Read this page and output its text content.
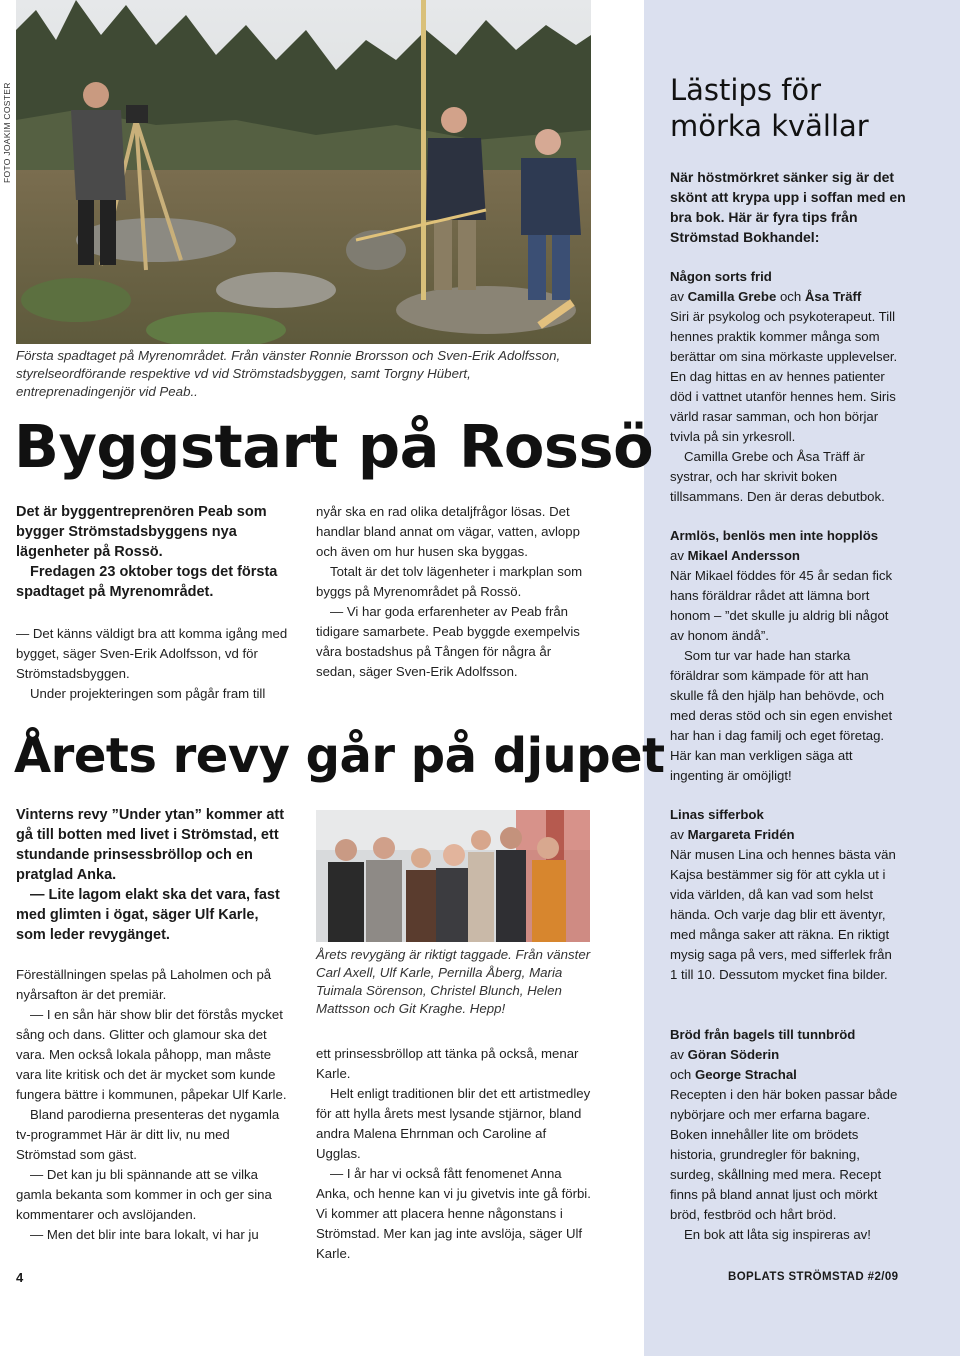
FOTO JOAKIM COSTER
Första spadtaget på Myrenområdet. Från vänster Ronnie Brorsson och Sven-Erik Adolfsson, styrelseordförande respektive vd vid Strömstadsbyggen, samt Torgny Hübert, entreprenadingenjör vid Peab..
Byggstart på Rossö

Det är byggentreprenören Peab som bygger Strömstadsbyggens nya lägenheter på Rossö.

Fredagen 23 oktober togs det första spadtaget på Myrenområdet.

— Det känns väldigt bra att komma igång med bygget, säger Sven-Erik Adolfsson, vd för Strömstadsbyggen.

Under projekteringen som pågår fram till

nyår ska en rad olika detaljfrågor lösas. Det handlar bland annat om vägar, vatten, avlopp och även om hur husen ska byggas.

Totalt är det tolv lägenheter i markplan som byggs på Myrenområdet på Rossö.

— Vi har goda erfarenheter av Peab från tidigare samarbete. Peab byggde exempelvis våra bostadshus på Tången för några år sedan, säger Sven-Erik Adolfsson.

Årets revy går på djupet

Vinterns revy ”Under ytan” kommer att gå till botten med livet i Strömstad, ett stundande prinsessbröllop och en pratglad Anka.

— Lite lagom elakt ska det vara, fast med glimten i ögat, säger Ulf Karle, som leder revygänget.

Föreställningen spelas på Laholmen och på nyårsafton är det premiär.

— I en sån här show blir det förstås mycket sång och dans. Glitter och glamour ska det vara. Men också lokala påhopp, man måste vara lite kritisk och det är mycket som kunde fungera bättre i kommunen, påpekar Ulf Karle.

Bland parodierna presenteras det nygamla tv-programmet Här är ditt liv, nu med Strömstad som gäst.

— Det kan ju bli spännande att se vilka gamla bekanta som kommer in och ger sina kommentarer och avslöjanden.

— Men det blir inte bara lokalt, vi har ju

Årets revygäng är riktigt taggade. Från vänster Carl Axell, Ulf Karle, Pernilla Åberg, Maria Tuimala Sörenson, Christel Blunch, Helen Mattsson och Git Kraghe. Hepp!

ett prinsessbröllop att tänka på också, menar Karle.

Helt enligt traditionen blir det ett artistmedley för att hylla årets mest lysande stjärnor, bland andra Malena Ehrnman och Caroline af Ugglas.

— I år har vi också fått fenomenet Anna Anka, och henne kan vi ju givetvis inte gå förbi. Vi kommer att placera henne någonstans i Strömstad. Mer kan jag inte avslöja, säger Ulf Karle.

Lästips för
mörka kvällar
När höstmörkret sänker sig är det skönt att krypa upp i soffan med en bra bok. Här är fyra tips från Strömstad Bokhandel:
Någon sorts frid
av Camilla Grebe och Åsa Träff

Siri är psykolog och psykoterapeut. Till hennes praktik kommer många som berättar om sina mörkaste upplevelser. En dag hittas en av hennes patienter död i vattnet utanför hennes hem. Siris värld rasar samman, och hon börjar tvivla på sin yrkesroll.

Camilla Grebe och Åsa Träff är systrar, och har skrivit boken tillsammans. Den är deras debutbok.

Armlös, benlös men inte hopplös
av Mikael Andersson

När Mikael föddes för 45 år sedan fick hans föräldrar rådet att lämna bort honom – ”det skulle ju aldrig bli något av honom ändå”.

Som tur var hade han starka föräldrar som kämpade för att han skulle få den hjälp han behövde, och med deras stöd och sin egen envishet har han i dag familj och eget företag. Här kan man verkligen säga att ingenting är omöjligt!

Linas sifferbok
av Margareta Fridén

När musen Lina och hennes bästa vän Kajsa bestämmer sig för att cykla ut i vida världen, då kan vad som helst hända. Och varje dag blir ett äventyr, med många saker att räkna. En riktigt mysig saga på vers, med sifferlek från 1 till 10. Dessutom mycket fina bilder.

Bröd från bagels till tunnbröd
av Göran Söderin
och George Strachal

Recepten i den här boken passar både nybörjare och mer erfarna bagare. Boken innehåller lite om brödets historia, grundregler för bakning, surdeg, skållning med mera. Recept finns på bland annat ljust och mörkt bröd, festbröd och hårt bröd.

En bok att låta sig inspireras av!

4	BOPLATS STRÖMSTAD #2/09
